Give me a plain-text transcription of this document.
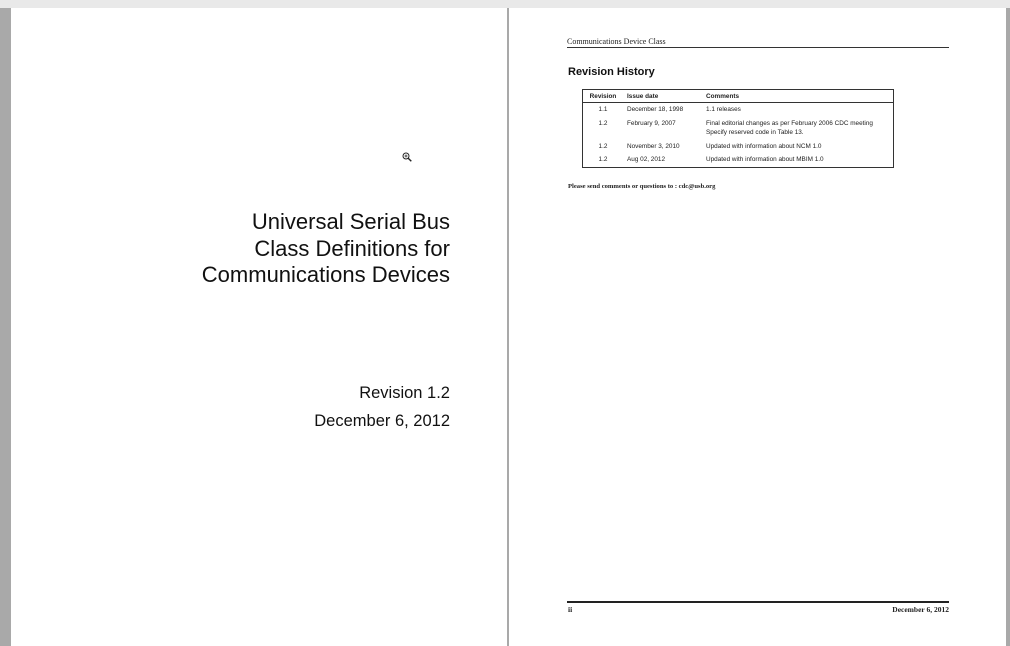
Universal Serial Bus
Class Definitions for
Communications Devices
Revision 1.2
December 6, 2012
Communications Device Class
Revision History
Revision	Issue date	Comments
1.1	December 18, 1998	1.1 releases

1.2	February 9, 2007	Final editorial changes as per February 2006 CDC meeting
Specify reserved code in Table 13.

1.2	November 3, 2010	Updated with information about NCM 1.0

1.2	Aug 02, 2012	Updated with information about MBIM 1.0
Please send comments or questions to : cdc@usb.org
ii	December 6, 2012
